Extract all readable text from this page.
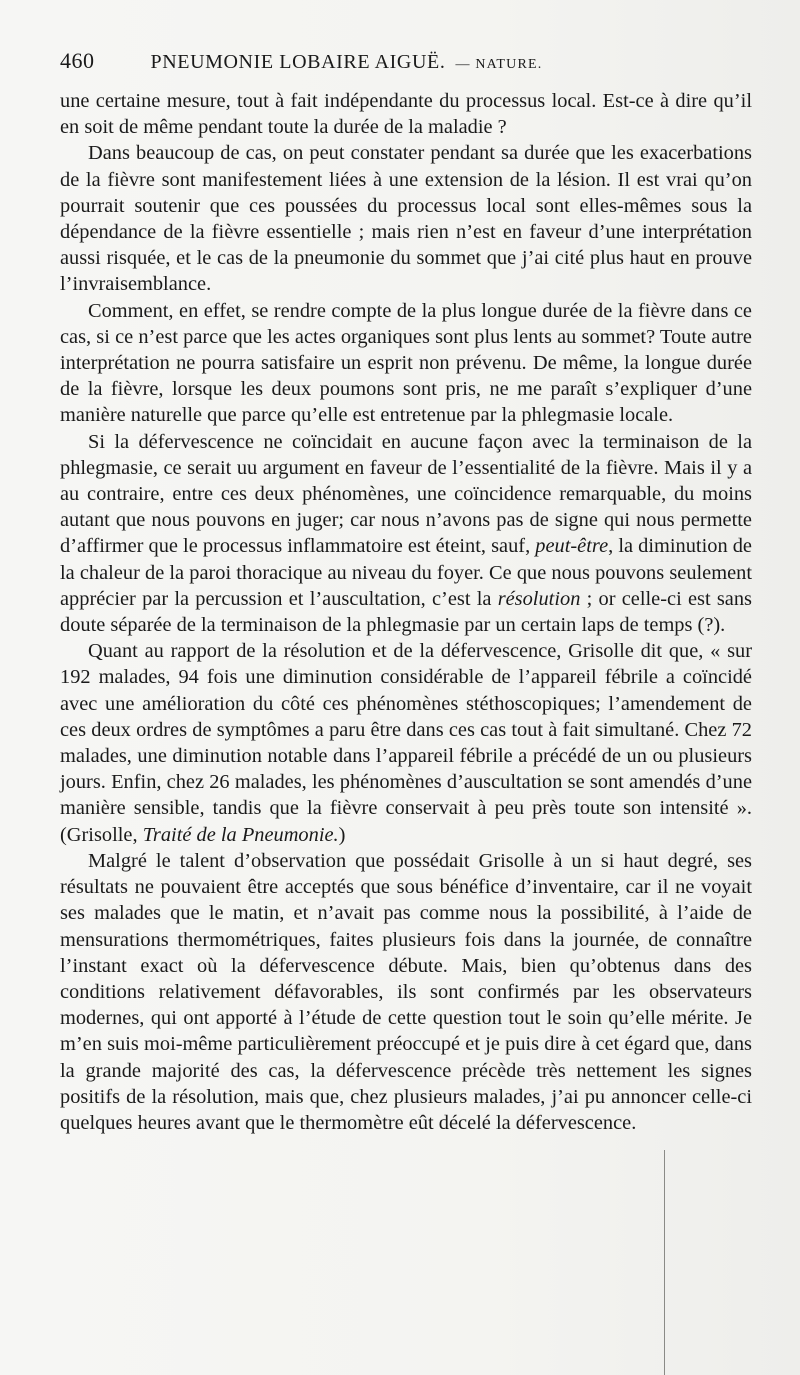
460	PNEUMONIE LOBAIRE AIGUË. — NATURE.

une certaine mesure, tout à fait indépendante du processus local. Est-ce à dire qu’il en soit de même pendant toute la durée de la maladie ?

Dans beaucoup de cas, on peut constater pendant sa durée que les exacerbations de la fièvre sont manifestement liées à une extension de la lésion. Il est vrai qu’on pourrait soutenir que ces poussées du processus local sont elles-mêmes sous la dépendance de la fièvre essentielle ; mais rien n’est en faveur d’une interprétation aussi risquée, et le cas de la pneumonie du sommet que j’ai cité plus haut en prouve l’invraisemblance.

Comment, en effet, se rendre compte de la plus longue durée de la fièvre dans ce cas, si ce n’est parce que les actes organiques sont plus lents au sommet? Toute autre interprétation ne pourra satisfaire un esprit non prévenu. De même, la longue durée de la fièvre, lorsque les deux poumons sont pris, ne me paraît s’expliquer d’une manière naturelle que parce qu’elle est entretenue par la phlegmasie locale.

Si la défervescence ne coïncidait en aucune façon avec la terminaison de la phlegmasie, ce serait uu argument en faveur de l’essentialité de la fièvre. Mais il y a au contraire, entre ces deux phénomènes, une coïncidence remarquable, du moins autant que nous pouvons en juger; car nous n’avons pas de signe qui nous permette d’affirmer que le processus inflammatoire est éteint, sauf, peut-être, la diminution de la chaleur de la paroi thoracique au niveau du foyer. Ce que nous pouvons seulement apprécier par la percussion et l’auscultation, c’est la résolution ; or celle-ci est sans doute séparée de la terminaison de la phlegmasie par un certain laps de temps (?).

Quant au rapport de la résolution et de la défervescence, Grisolle dit que, « sur 192 malades, 94 fois une diminution considérable de l’appareil fébrile a coïncidé avec une amélioration du côté ces phénomènes stéthoscopiques; l’amendement de ces deux ordres de symptômes a paru être dans ces cas tout à fait simultané. Chez 72 malades, une diminution notable dans l’appareil fébrile a précédé de un ou plusieurs jours. Enfin, chez 26 malades, les phénomènes d’auscultation se sont amendés d’une manière sensible, tandis que la fièvre conservait à peu près toute son intensité ». (Grisolle, Traité de la Pneumonie.)

Malgré le talent d’observation que possédait Grisolle à un si haut degré, ses résultats ne pouvaient être acceptés que sous bénéfice d’inventaire, car il ne voyait ses malades que le matin, et n’avait pas comme nous la possibilité, à l’aide de mensurations thermométriques, faites plusieurs fois dans la journée, de connaître l’instant exact où la défervescence débute. Mais, bien qu’obtenus dans des conditions relativement défavorables, ils sont confirmés par les observateurs modernes, qui ont apporté à l’étude de cette question tout le soin qu’elle mérite. Je m’en suis moi-même particulièrement préoccupé et je puis dire à cet égard que, dans la grande majorité des cas, la défervescence précède très nettement les signes positifs de la résolution, mais que, chez plusieurs malades, j’ai pu annoncer celle-ci quelques heures avant que le thermomètre eût décelé la défervescence.
